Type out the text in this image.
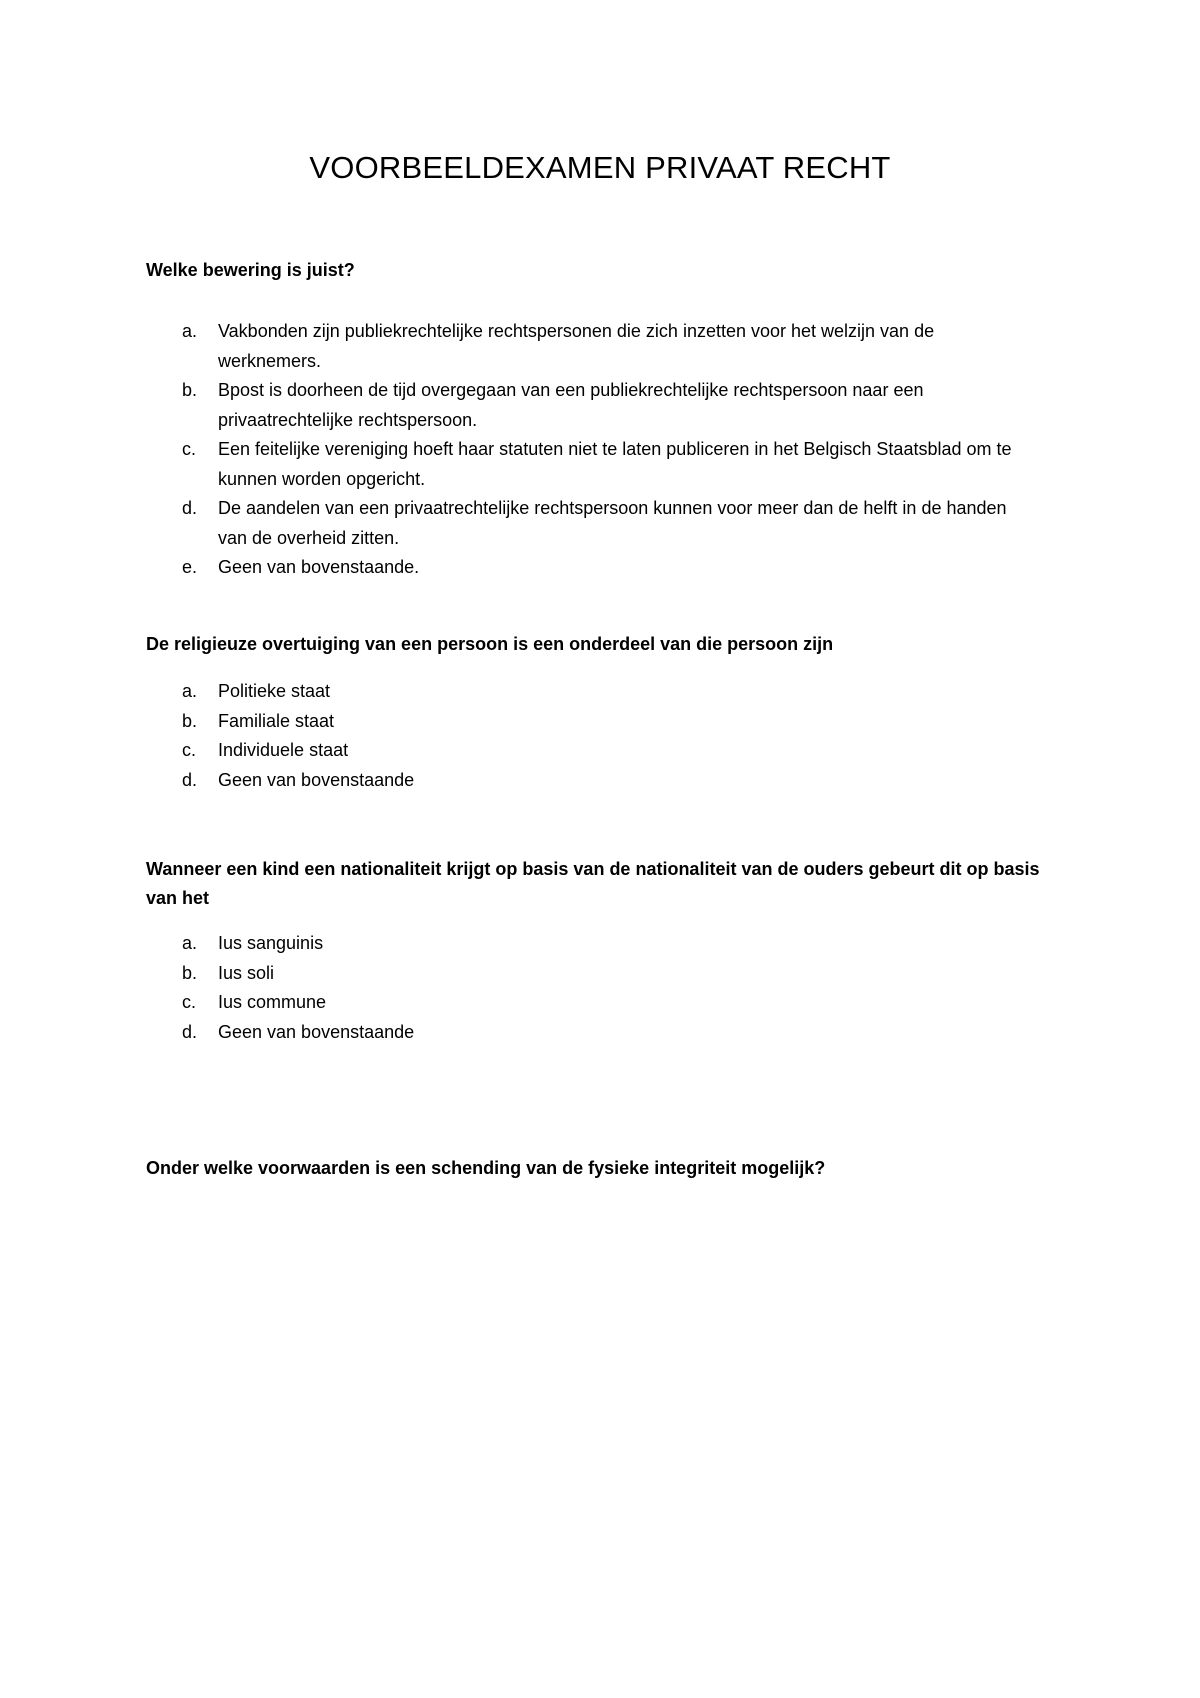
VOORBEELDEXAMEN PRIVAAT RECHT

Welke bewering is juist?

a. Vakbonden zijn publiekrechtelijke rechtspersonen die zich inzetten voor het welzijn van de werknemers.
b. Bpost is doorheen de tijd overgegaan van een publiekrechtelijke rechtspersoon naar een privaatrechtelijke rechtspersoon.
c. Een feitelijke vereniging hoeft haar statuten niet te laten publiceren in het Belgisch Staatsblad om te kunnen worden opgericht.
d. De aandelen van een privaatrechtelijke rechtspersoon kunnen voor meer dan de helft in de handen van de overheid zitten.
e. Geen van bovenstaande.

De religieuze overtuiging van een persoon is een onderdeel van die persoon zijn

a. Politieke staat
b. Familiale staat
c. Individuele staat
d. Geen van bovenstaande

Wanneer een kind een nationaliteit krijgt op basis van de nationaliteit van de ouders gebeurt dit op basis van het

a. Ius sanguinis
b. Ius soli
c. Ius commune
d. Geen van bovenstaande

Onder welke voorwaarden is een schending van de fysieke integriteit mogelijk?
